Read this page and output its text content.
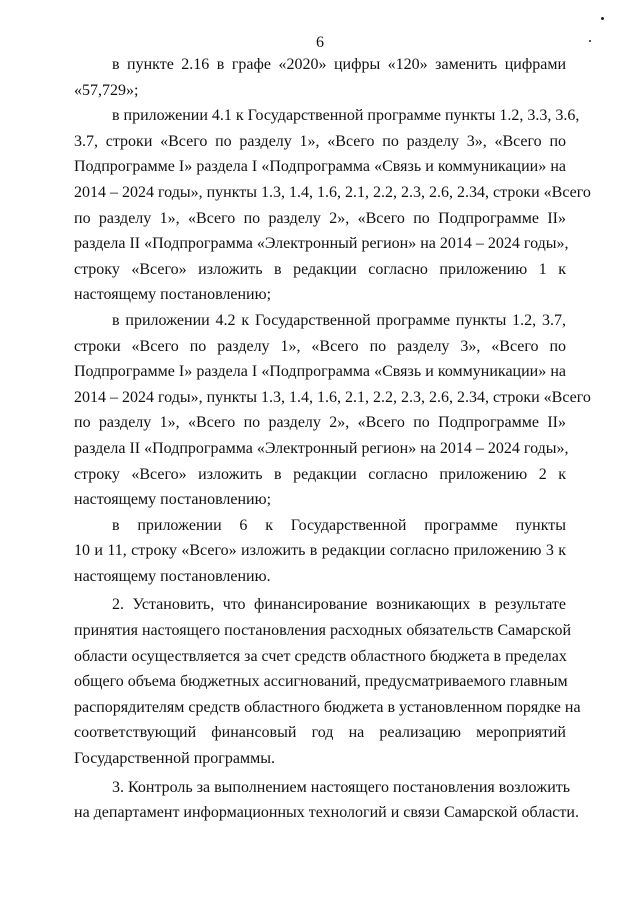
6
в пункте 2.16 в графе «2020» цифры «120» заменить цифрами
«57,729»;
в приложении 4.1 к Государственной программе пункты 1.2, 3.3, 3.6,
3.7, строки «Всего по разделу 1», «Всего по разделу 3», «Всего по
Подпрограмме I» раздела I «Подпрограмма «Связь и коммуникации» на
2014 – 2024 годы», пункты 1.3, 1.4, 1.6, 2.1, 2.2, 2.3, 2.6, 2.34, строки «Всего
по разделу 1», «Всего по разделу 2», «Всего по Подпрограмме II»
раздела II «Подпрограмма «Электронный регион» на 2014 – 2024 годы»,
строку «Всего» изложить в редакции согласно приложению 1 к
настоящему постановлению;
в приложении 4.2 к Государственной программе пункты 1.2, 3.7,
строки «Всего по разделу 1», «Всего по разделу 3», «Всего по
Подпрограмме I» раздела I «Подпрограмма «Связь и коммуникации» на
2014 – 2024 годы», пункты 1.3, 1.4, 1.6, 2.1, 2.2, 2.3, 2.6, 2.34, строки «Всего
по разделу 1», «Всего по разделу 2», «Всего по Подпрограмме II»
раздела II «Подпрограмма «Электронный регион» на 2014 – 2024 годы»,
строку «Всего» изложить в редакции согласно приложению 2 к
настоящему постановлению;
в приложении 6 к Государственной программе пункты
10 и 11, строку «Всего» изложить в редакции согласно приложению 3 к
настоящему постановлению.
2. Установить, что финансирование возникающих в результате
принятия настоящего постановления расходных обязательств Самарской
области осуществляется за счет средств областного бюджета в пределах
общего объема бюджетных ассигнований, предусматриваемого главным
распорядителям средств областного бюджета в установленном порядке на
соответствующий финансовый год на реализацию мероприятий
Государственной программы.
3. Контроль за выполнением настоящего постановления возложить
на департамент информационных технологий и связи Самарской области.
